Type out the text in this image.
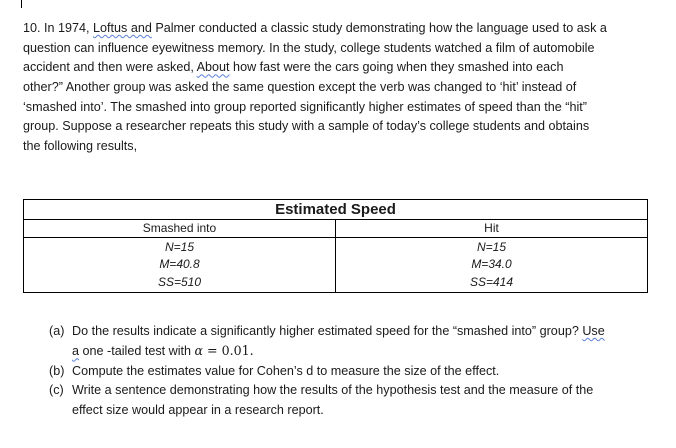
10. In 1974, Loftus and Palmer conducted a classic study demonstrating how the language used to ask a
question can influence eyewitness memory. In the study, college students watched a film of automobile
accident and then were asked, About how fast were the cars going when they smashed into each
other?” Another group was asked the same question except the verb was changed to ‘hit’ instead of
‘smashed into’. The smashed into group reported significantly higher estimates of speed than the “hit”
group. Suppose a researcher repeats this study with a sample of today’s college students and obtains
the following results,
Estimated Speed	
Smashed into	Hit

N=15
M=40.8
SS=510	N=15
M=34.0
SS=414
(a) Do the results indicate a significantly higher estimated speed for the “smashed into” group? Use
a one -tailed test with α = 0.01.
(b) Compute the estimates value for Cohen’s d to measure the size of the effect.
(c) Write a sentence demonstrating how the results of the hypothesis test and the measure of the
effect size would appear in a research report.
